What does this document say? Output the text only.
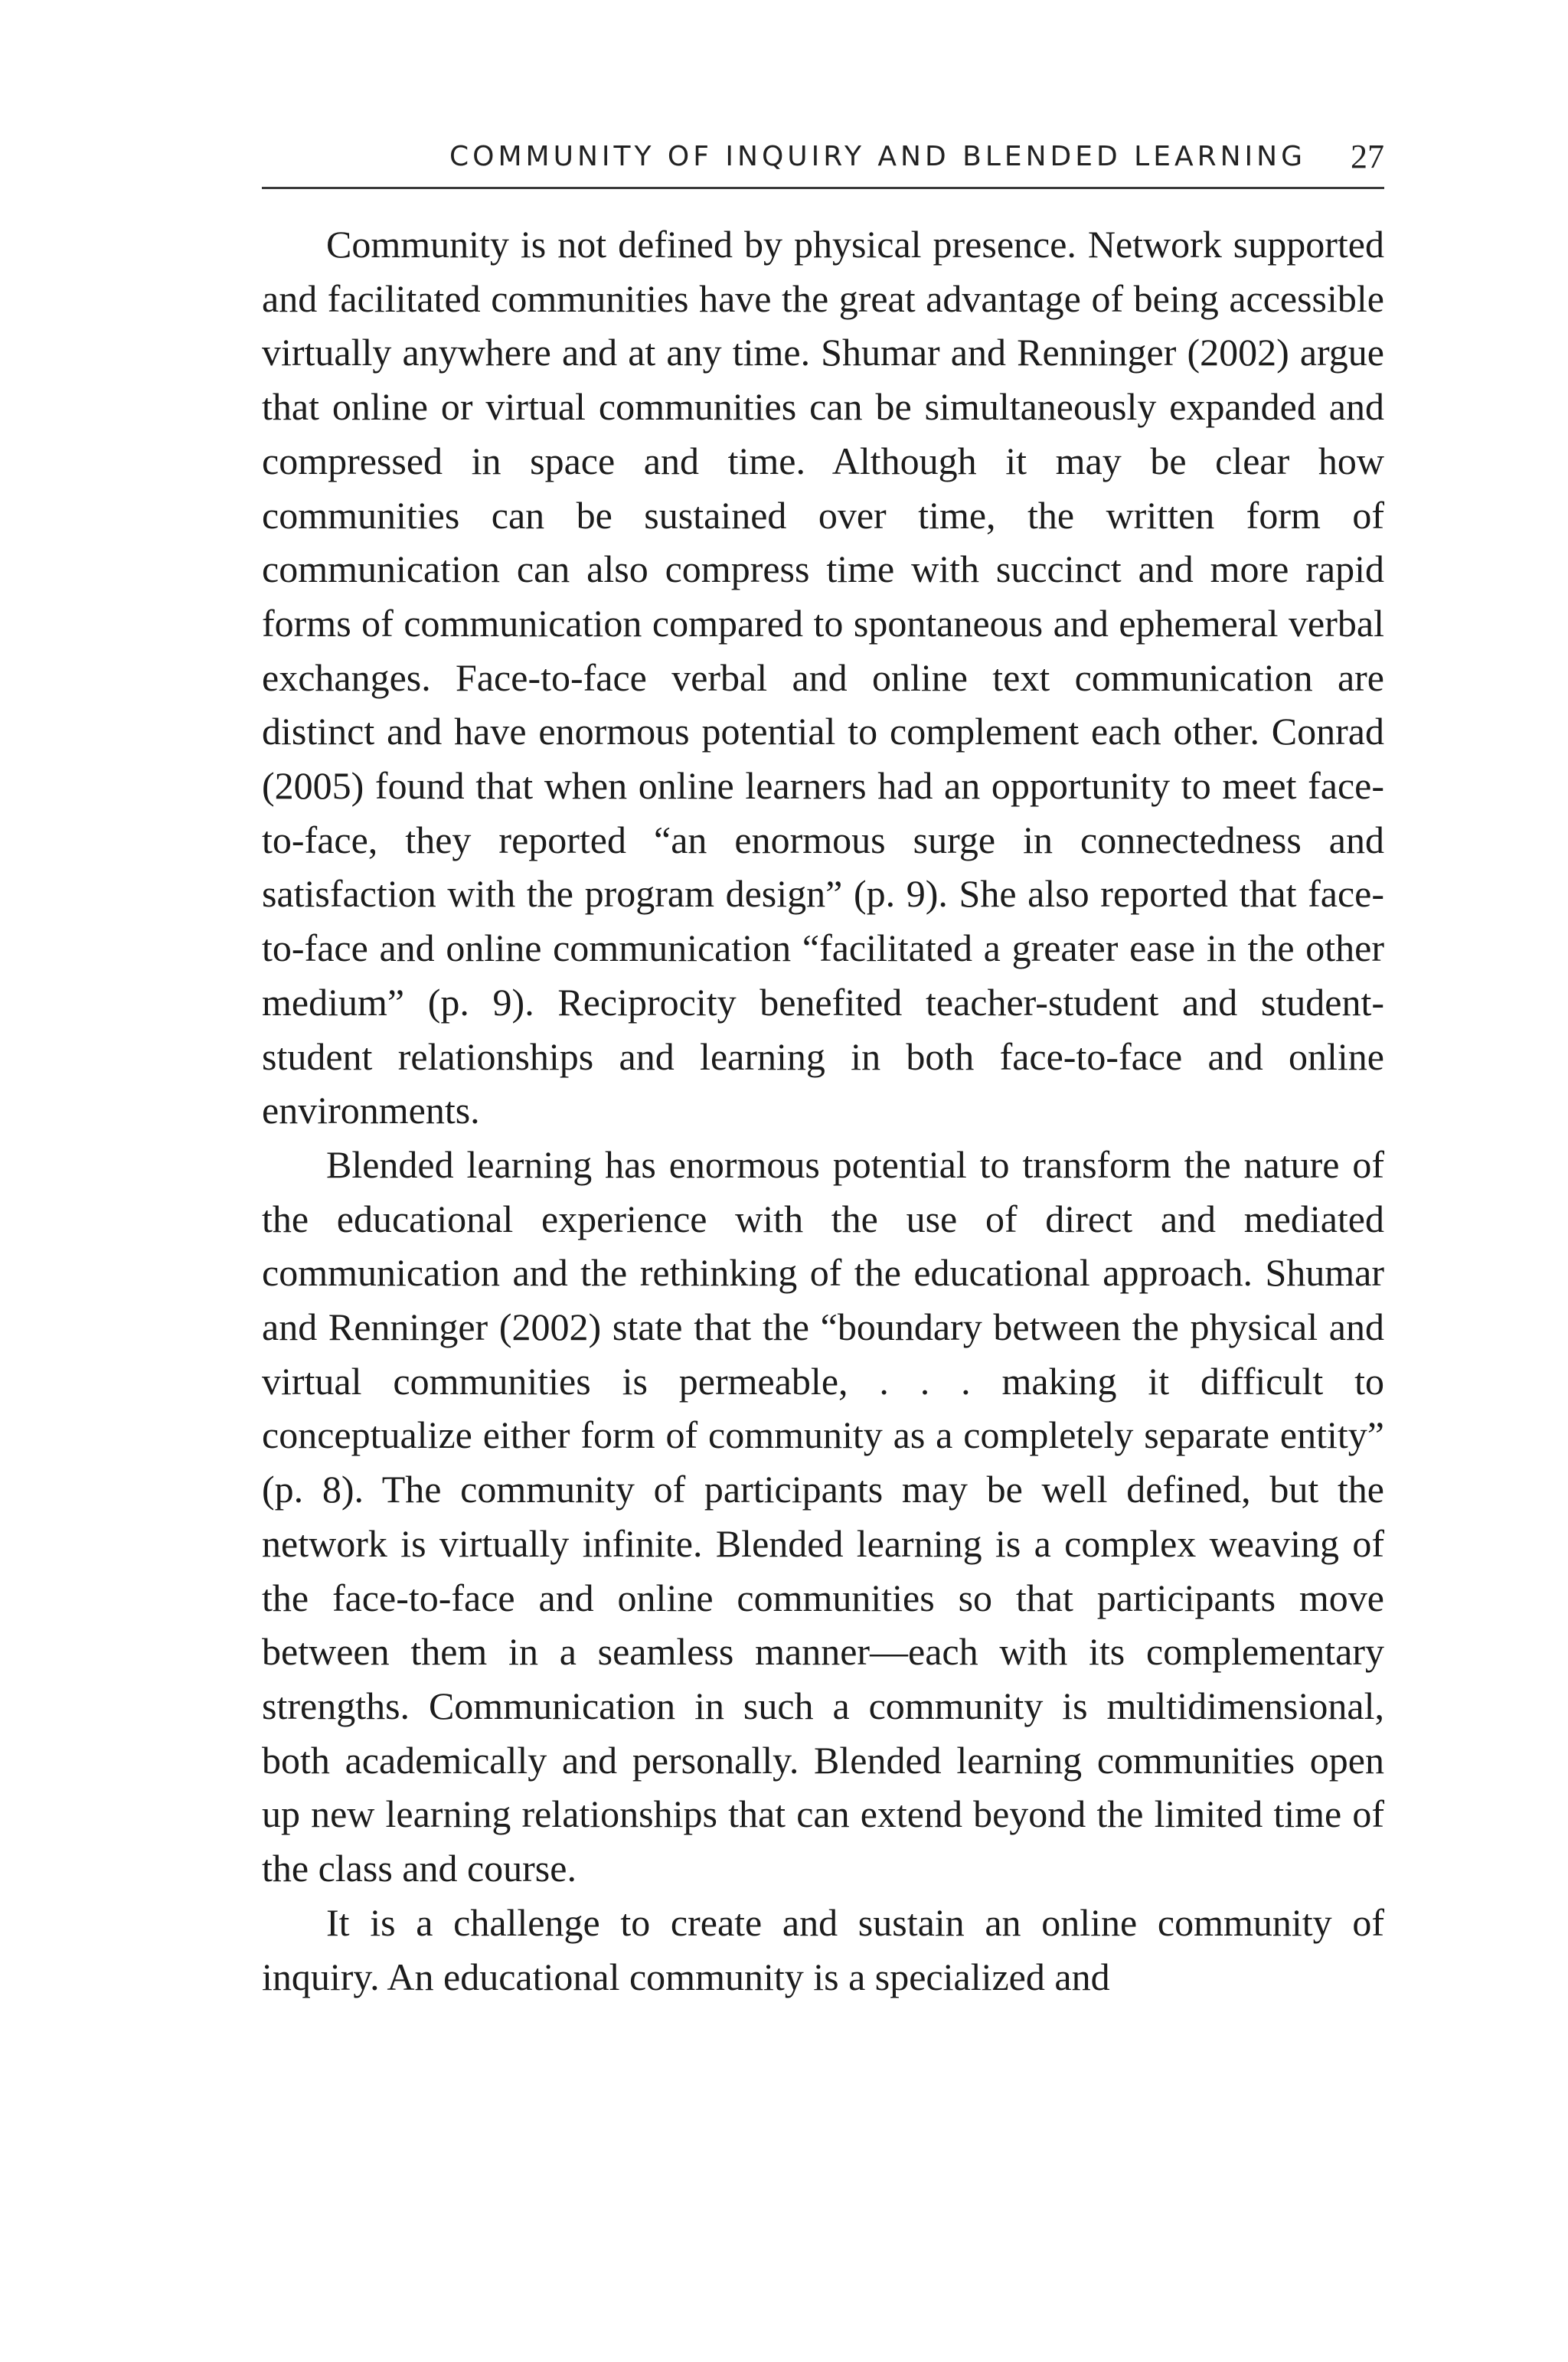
COMMUNITY OF INQUIRY AND BLENDED LEARNING 27

Community is not defined by physical presence. Network supported and facilitated communities have the great advantage of being accessible virtually anywhere and at any time. Shumar and Renninger (2002) argue that online or virtual communities can be simultaneously expanded and compressed in space and time. Although it may be clear how communities can be sustained over time, the written form of communication can also compress time with succinct and more rapid forms of communication compared to spontaneous and ephemeral verbal exchanges. Face-to-face verbal and online text communication are distinct and have enormous potential to complement each other. Conrad (2005) found that when online learners had an opportunity to meet face-to-face, they reported “an enormous surge in connectedness and satisfaction with the program design” (p. 9). She also reported that face-to-face and online communication “facilitated a greater ease in the other medium” (p. 9). Reciprocity benefited teacher-student and student-student relationships and learning in both face-to-face and online environments.

Blended learning has enormous potential to transform the nature of the educational experience with the use of direct and mediated communication and the rethinking of the educational approach. Shumar and Renninger (2002) state that the “boundary between the physical and virtual communities is permeable, . . . making it difficult to conceptualize either form of community as a completely separate entity” (p. 8). The community of participants may be well defined, but the network is virtually infinite. Blended learning is a complex weaving of the face-to-face and online communities so that participants move between them in a seamless manner—each with its complementary strengths. Communication in such a community is multidimensional, both academically and personally. Blended learning communities open up new learning relationships that can extend beyond the limited time of the class and course.

It is a challenge to create and sustain an online community of inquiry. An educational community is a specialized and
